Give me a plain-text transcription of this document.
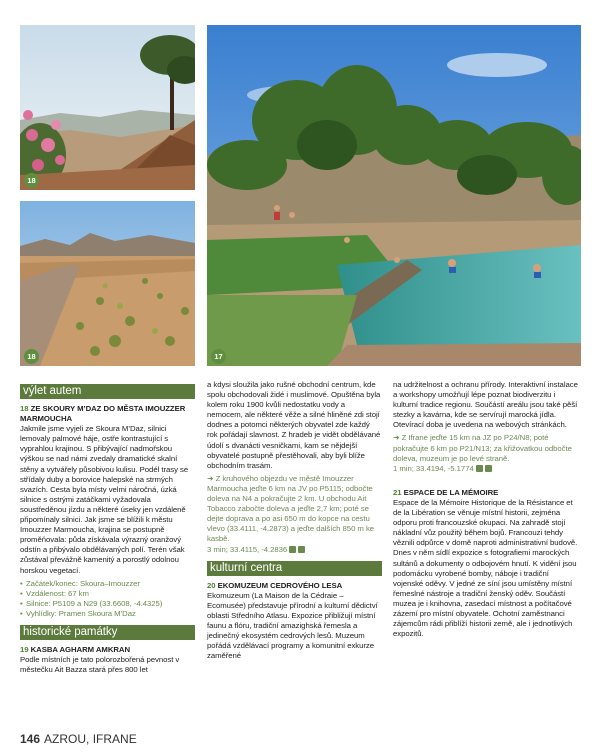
18
18	17
výlet autem

18 ZE SKOURY M’DAZ DO MĚSTA IMOUZZER MARMOUCHA

Jakmile jsme vyjeli ze Skoura M’Daz, silnici lemovaly palmové háje, ostře kontrastující s vyprahlou krajinou. S přibývající nadmořskou výškou se nad námi zvedaly dramatické skalní stěny a vytvářely působivou kulisu. Podél trasy se střídaly duby a borovice halepské na strmých svazích. Cesta byla místy velmi náročná, úzká silnice s ostrými zatáčkami vyžadovala soustředěnou jízdu a některé úseky jen vzdáleně připomínaly silnici. Jak jsme se blížili k městu Imouzzer Marmoucha, krajina se postupně proměňovala: půda získávala výrazný oranžový odstín a přibývalo obdělávaných polí. Terén však zůstával převážně kamenitý a porostlý odolnou horskou vegetací.

• Začátek/konec: Skoura–Imouzzer
• Vzdálenost: 67 km
• Silnice: P5109 a N29 (33.6608, -4.4325)
• Vyhlídky: Pramen Skoura M’Daz
historické památky

19 KASBA AGHARM AMKRAN

Podle místních je tato polorozbořená pevnost v městečku Ait Bazza stará přes 800 let

a kdysi sloužila jako rušné obchodní centrum, kde spolu obchodovali židé i muslimové. Opuštěna byla kolem roku 1900 kvůli nedostatku vody a nemocem, ale některé věže a silné hliněné zdi stojí dodnes a potomci některých obyvatel zde každý rok pořádají slavnost. Z hradeb je vidět obdělávané údolí s dvanácti vesničkami, kam se nějdejší obyvatelé postupně přestěhovali, aby byli blíže obchodním trasám.

➜ Z kruhového objezdu ve městě Imouzzer Marmoucha jeďte 6 km na JV po P5115; odbočte doleva na N4 a pokračujte 2 km. U obchodu Ait Tobacco zabočte doleva a jeďte 2,7 km; poté se dejte doprava a po asi 650 m do kopce na cestu vlevo (33.4111, -4.2873) a jeďte dalších 850 m ke kasbě.

3 min; 33.4115, -4.2836

kulturní centra

20 EKOMUZEUM CEDROVÉHO LESA

Ekomuzeum (La Maison de la Cédraie – Ecomusée) představuje přírodní a kulturní dědictví oblasti Středního Atlasu. Expozice přibližují místní faunu a flóru, tradiční amazighská řemesla a jedinečný ekosystém cedrových lesů. Muzeum pořádá vzdělávací programy a komunitní exkurze zaměřené

na udržitelnost a ochranu přírody. Interaktivní instalace a workshopy umožňují lépe poznat biodiverzitu i kulturní tradice regionu. Součástí areálu jsou také pěší stezky a kavárna, kde se servírují marocká jídla. Otevírací doba je uvedena na webových stránkách.

➜ Z Ifrane jeďte 15 km na JZ po P24/N8; poté pokračujte 6 km po P21/N13; za křižovatkou odbočte doleva, muzeum je po levé straně.

1 min; 33.4194, -5.1774

21 ESPACE DE LA MÉMOIRE

Espace de la Mémoire Historique de la Résistance et de la Libération se věnuje místní historii, zejména odporu proti francouzské okupaci. Na zahradě stojí nákladní vůz použitý během bojů. Francouzi tehdy věznili odpůrce v domě naproti administrativní budově. Dnes v něm sídlí expozice s fotografiemi marockých sultánů a dokumenty o odbojovém hnutí. K vidění jsou podomácku vyrobené bomby, náboje i tradiční vojenské oděvy. V jedné ze síní jsou umístěny místní řemeslné nástroje a tradiční ženský oděv. Součástí muzea je i knihovna, zasedací místnost a počítačové zázemí pro místní obyvatele. Ochotní zaměstnanci zájemcům rádi přiblíží historii země, ale i jednotlivých expozitů.

146 AZROU, IFRANE
